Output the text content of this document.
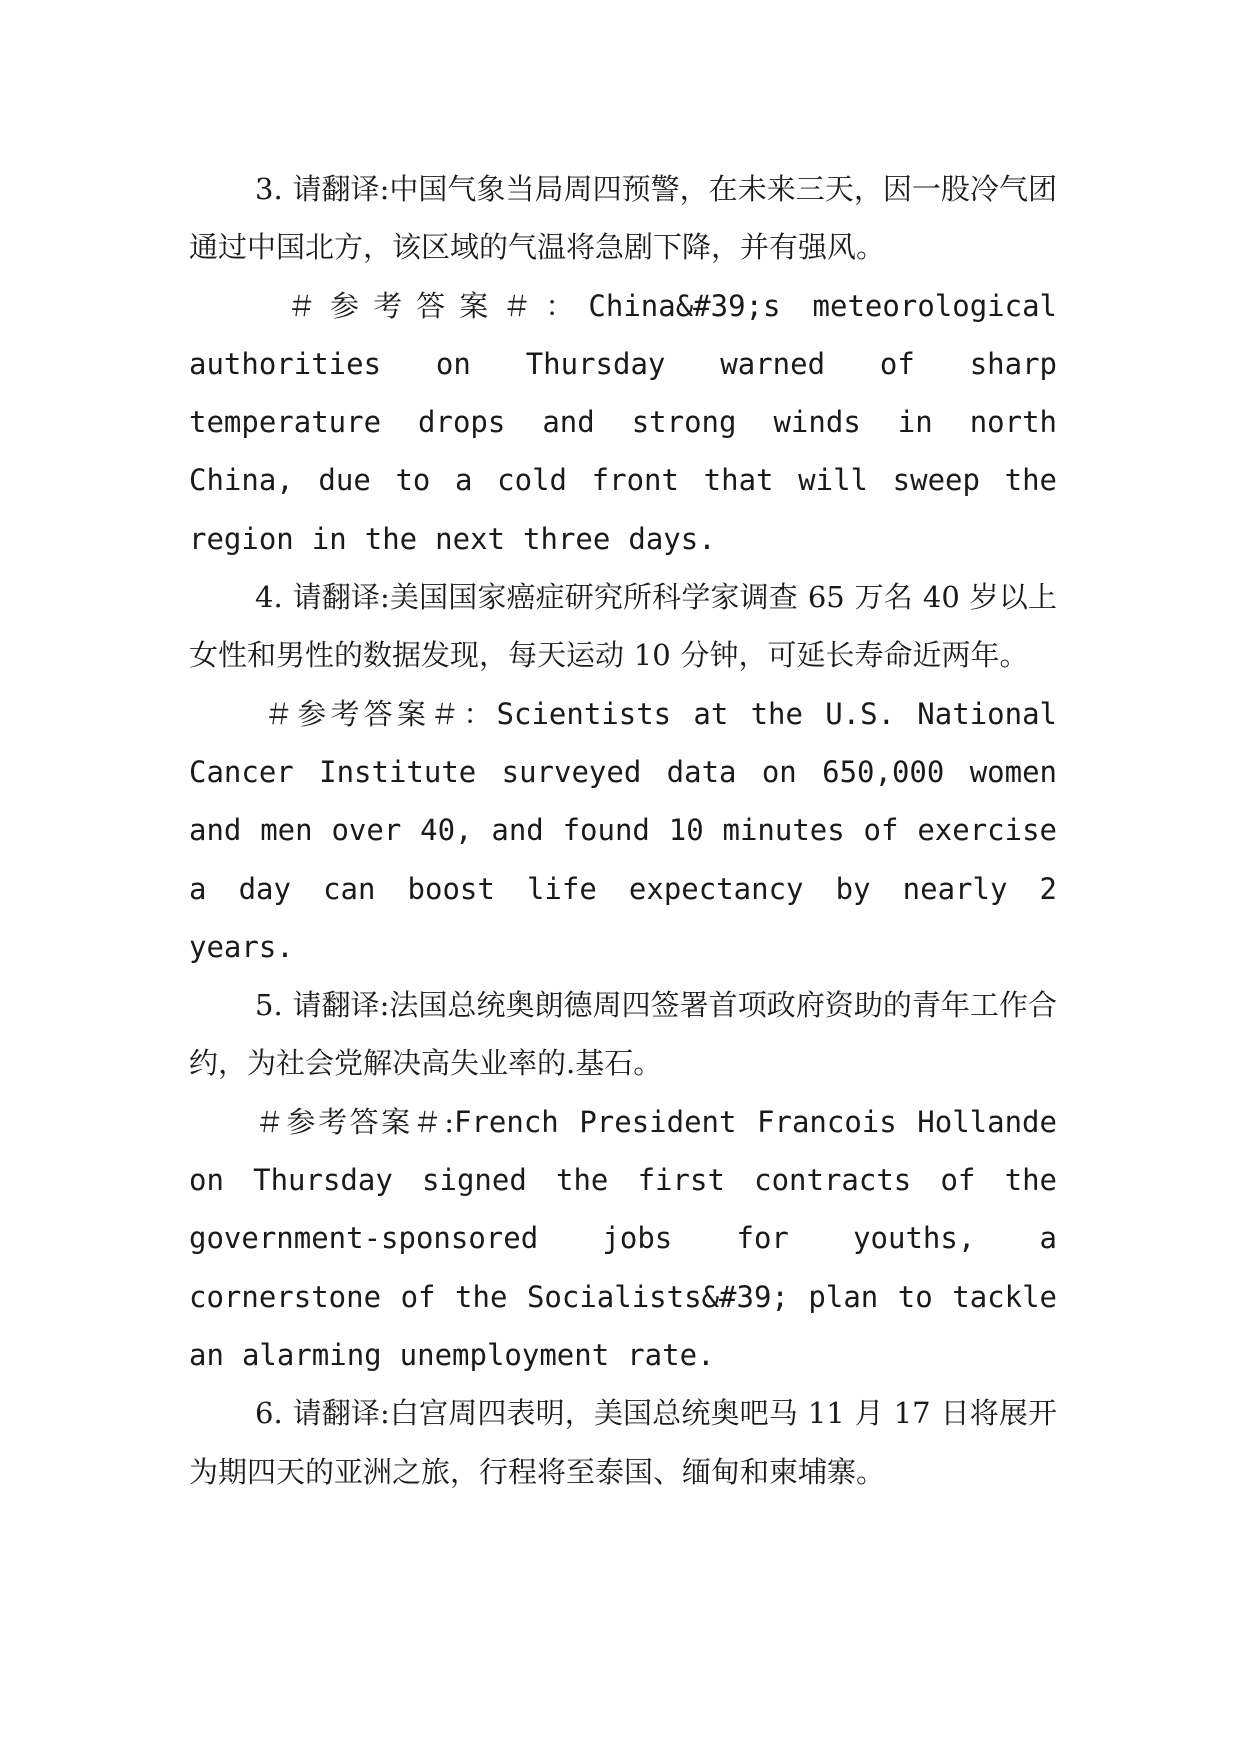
3. 请翻译:中国气象当局周四预警，在未来三天，因一股冷气团通过中国北方，该区域的气温将急剧下降，并有强风。

＃参考答案＃：China&#39;s meteorological authorities on Thursday warned of sharp temperature drops and strong winds in north China, due to a cold front that will sweep the region in the next three days.

4. 请翻译:美国国家癌症研究所科学家调查 65 万名 40 岁以上女性和男性的数据发现，每天运动 10 分钟，可延长寿命近两年。

＃参考答案＃：Scientists at the U.S. National Cancer Institute surveyed data on 650,000 women and men over 40, and found 10 minutes of exercise a day can boost life expectancy by nearly 2 years.

5. 请翻译:法国总统奥朗德周四签署首项政府资助的青年工作合约，为社会党解决高失业率的.基石。

＃参考答案＃:French President Francois Hollande on Thursday signed the first contracts of the government-sponsored jobs for youths, a cornerstone of the Socialists&#39; plan to tackle an alarming unemployment rate.

6. 请翻译:白宫周四表明，美国总统奥吧马 11 月 17 日将展开为期四天的亚洲之旅，行程将至泰国、缅甸和柬埔寨。
